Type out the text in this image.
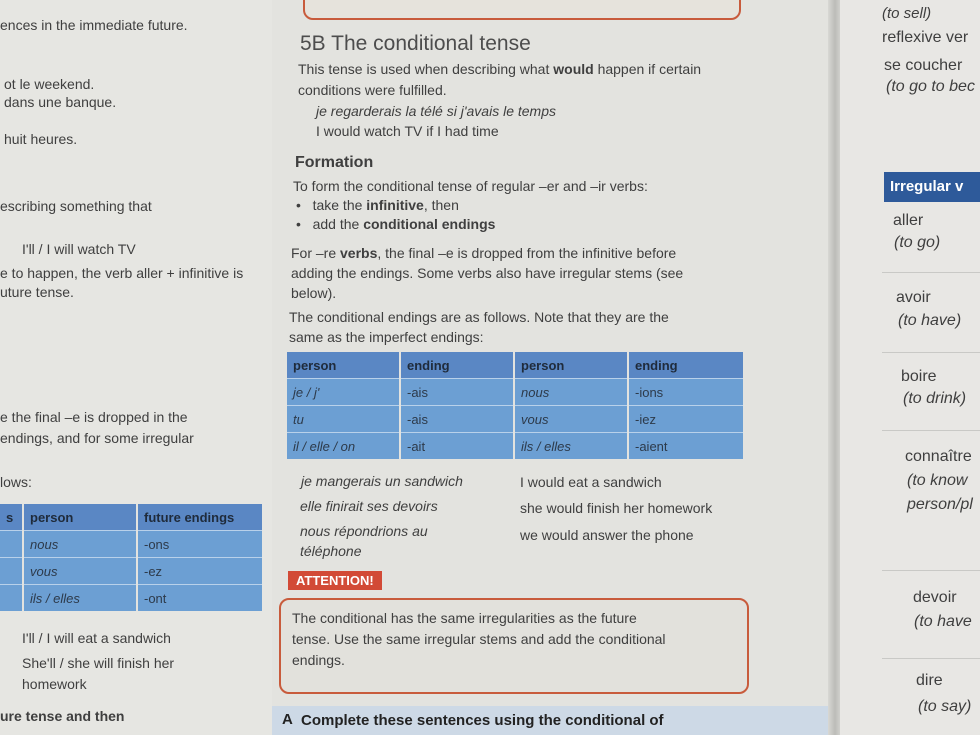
ences in the immediate future.
ot le weekend.
dans une banque.
huit heures.
escribing something that
I'll / I will watch TV
e to happen, the verb aller + infinitive is
uture tense.
e the final –e is dropped in the
endings, and for some irregular
lows:
s	person	future endings
	nous	-ons
	vous	-ez
	ils / elles	-ont
I'll / I will eat a sandwich
She'll / she will finish her
homework
ure tense and then
5B The conditional tense
This tense is used when describing what would happen if certain
conditions were fulfilled.
je regarderais la télé si j'avais le temps
I would watch TV if I had time
Formation
To form the conditional tense of regular –er and –ir verbs:
•   take the infinitive, then
•   add the conditional endings
For –re verbs, the final –e is dropped from the infinitive before
adding the endings. Some verbs also have irregular stems (see
below).
The conditional endings are as follows. Note that they are the
same as the imperfect endings:
person	ending	person	ending
je / j'	-ais	nous	-ions
tu	-ais	vous	-iez
il / elle / on	-ait	ils / elles	-aient
je mangerais un sandwich	I would eat a sandwich
elle finirait ses devoirs	she would finish her homework
nous répondrions au
téléphone
we would answer the phone
ATTENTION!
The conditional has the same irregularities as the future
tense. Use the same irregular stems and add the conditional
endings.
A Complete these sentences using the conditional of
(to sell)
reflexive ver
se coucher
(to go to bec
Irregular v
aller
(to go)
avoir
(to have)
boire
(to drink)
connaître
(to know
person/pl
devoir
(to have
dire
(to say)
